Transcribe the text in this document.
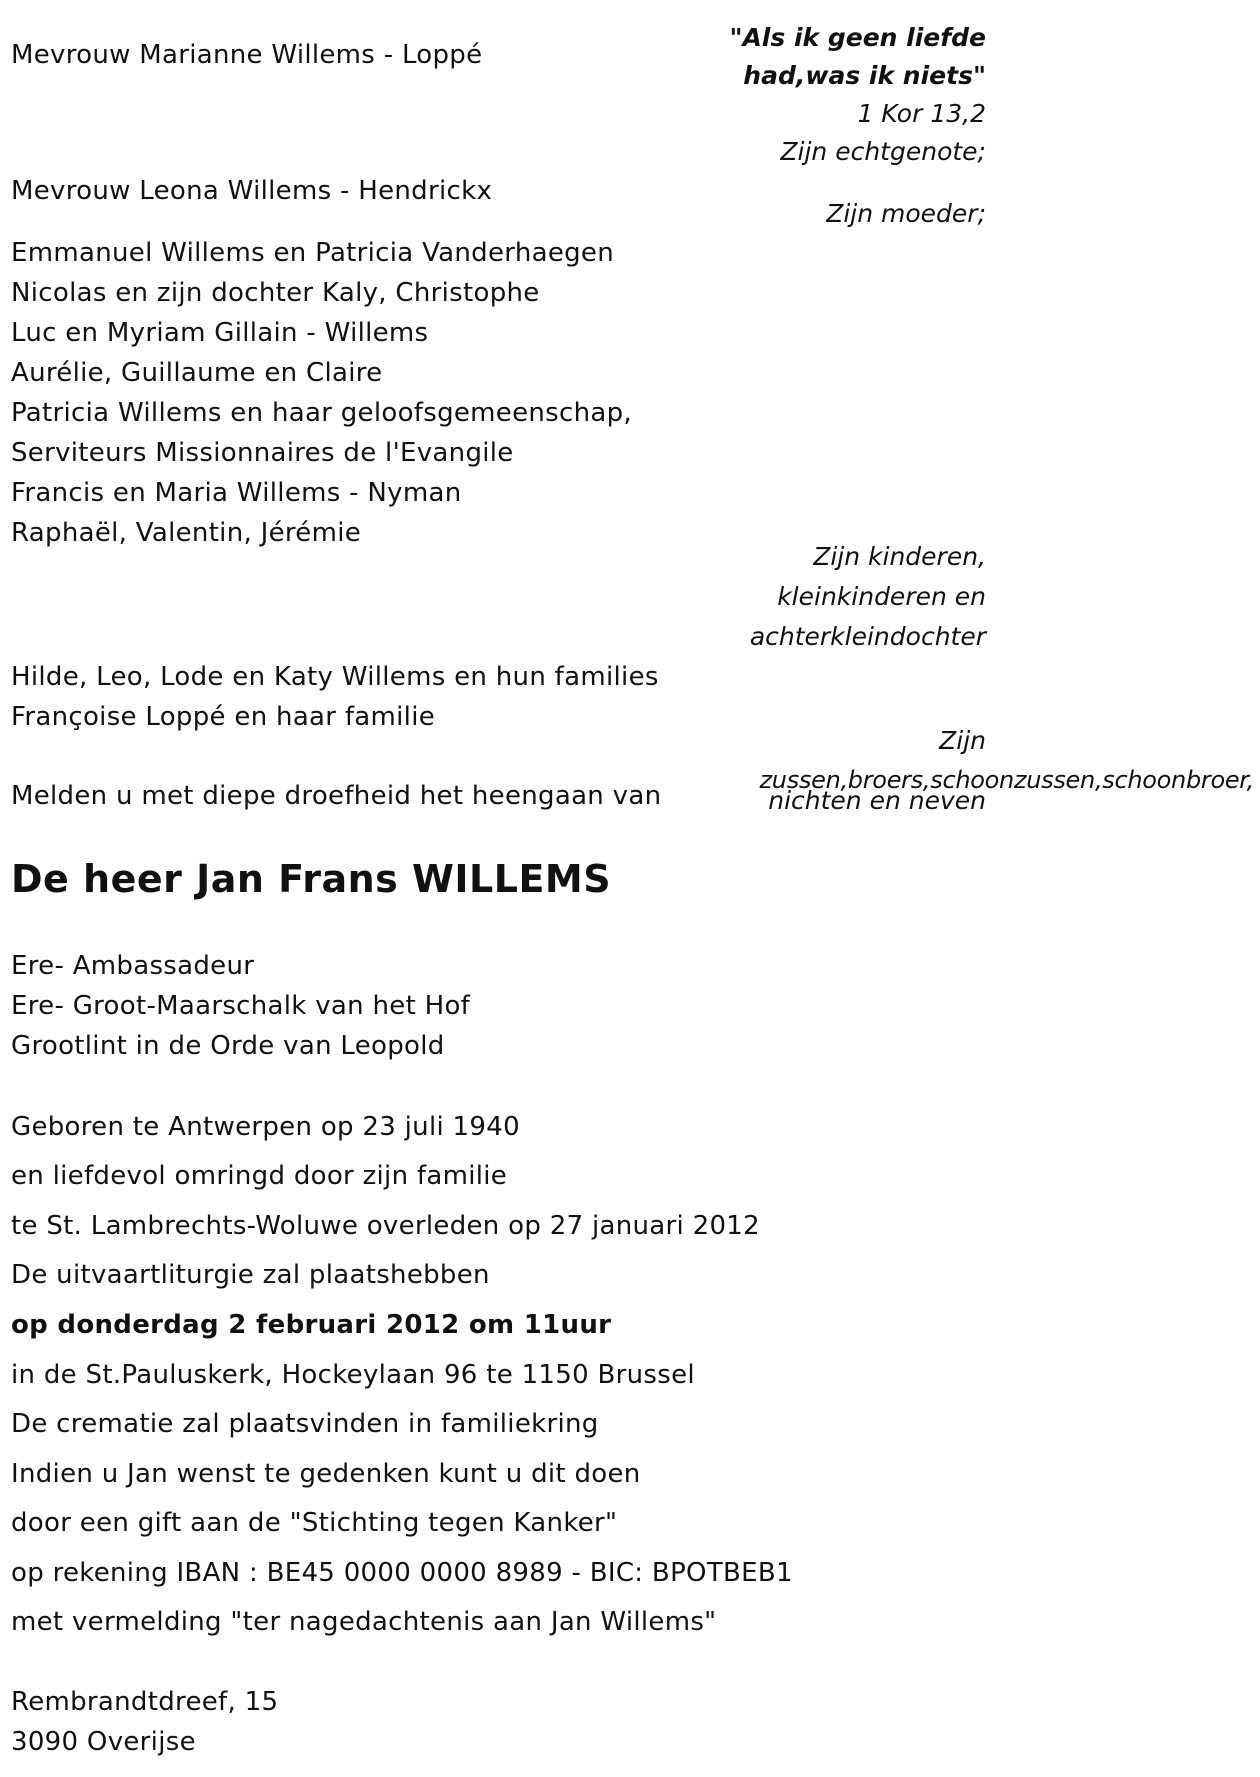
"Als ik geen liefde
had,was ik niets"
1 Kor 13,2
Mevrouw Marianne Willems - Loppé
Zijn echtgenote;
Mevrouw Leona Willems - Hendrickx
Zijn moeder;
Emmanuel Willems en Patricia Vanderhaegen
Nicolas en zijn dochter Kaly, Christophe
Luc en Myriam Gillain - Willems
Aurélie, Guillaume en Claire
Patricia Willems en haar geloofsgemeenschap,
Serviteurs Missionnaires de l'Evangile
Francis en Maria Willems - Nyman
Raphaël, Valentin, Jérémie
Zijn kinderen,
kleinkinderen en
achterkleindochter
Hilde, Leo, Lode en Katy Willems en hun families
Françoise Loppé en haar familie
Zijn
zussen,broers,schoonzussen,schoonbroer,
nichten en neven
Melden u met diepe droefheid het heengaan van
De heer Jan Frans WILLEMS
Ere- Ambassadeur
Ere- Groot-Maarschalk van het Hof
Grootlint in de Orde van Leopold
Geboren te Antwerpen op 23 juli 1940
en liefdevol omringd door zijn familie
te St. Lambrechts-Woluwe overleden op 27 januari 2012
De uitvaartliturgie zal plaatshebben
op donderdag 2 februari 2012 om 11uur
in de St.Pauluskerk, Hockeylaan 96 te 1150 Brussel
De crematie zal plaatsvinden in familiekring
Indien u Jan wenst te gedenken kunt u dit doen
door een gift aan de "Stichting tegen Kanker"
op rekening IBAN : BE45 0000 0000 8989 - BIC: BPOTBEB1
met vermelding "ter nagedachtenis aan Jan Willems"
Rembrandtdreef, 15
3090 Overijse
